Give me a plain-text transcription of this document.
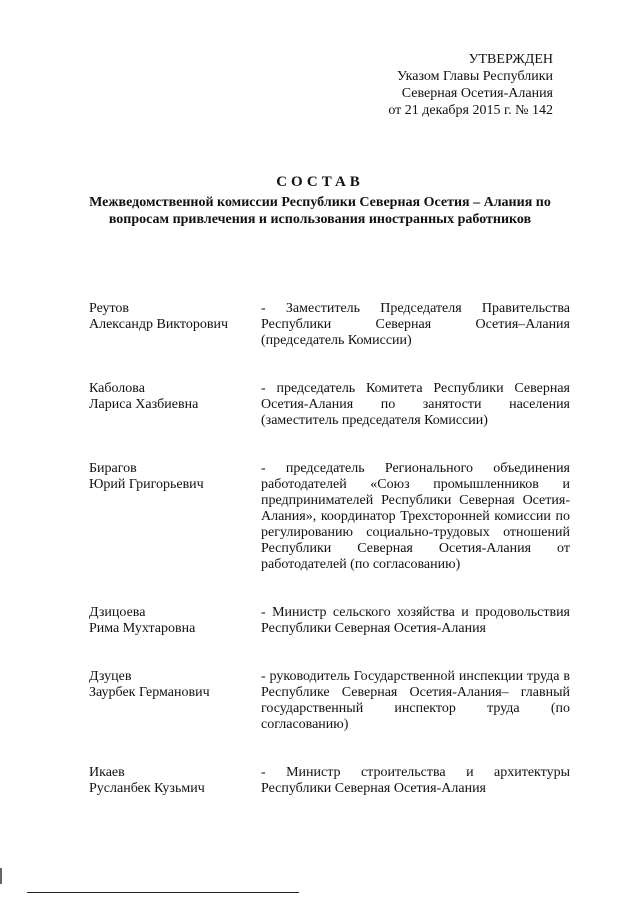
УТВЕРЖДЕН
Указом Главы Республики
Северная Осетия-Алания
от 21 декабря 2015 г. № 142
СОСТАВ
Межведомственной комиссии Республики Северная Осетия – Алания по вопросам привлечения и использования иностранных работников
Реутов
Александр Викторович
- Заместитель Председателя Правительства Республики Северная Осетия–Алания (председатель Комиссии)
Каболова
Лариса Хазбиевна
- председатель Комитета Республики Северная Осетия-Алания по занятости населения (заместитель председателя Комиссии)
Бирагов
Юрий Григорьевич
- председатель Регионального объединения работодателей «Союз промышленников и предпринимателей Республики Северная Осетия-Алания», координатор Трехсторонней комиссии по регулированию социально-трудовых отношений Республики Северная Осетия-Алания от работодателей (по согласованию)
Дзицоева
Рима Мухтаровна
- Министр сельского хозяйства и продовольствия Республики Северная Осетия-Алания
Дзуцев
Заурбек Германович
- руководитель Государственной инспекции труда в Республике Северная Осетия-Алания– главный государственный инспектор труда (по согласованию)
Икаев
Русланбек Кузьмич
- Министр строительства и архитектуры Республики Северная Осетия-Алания
